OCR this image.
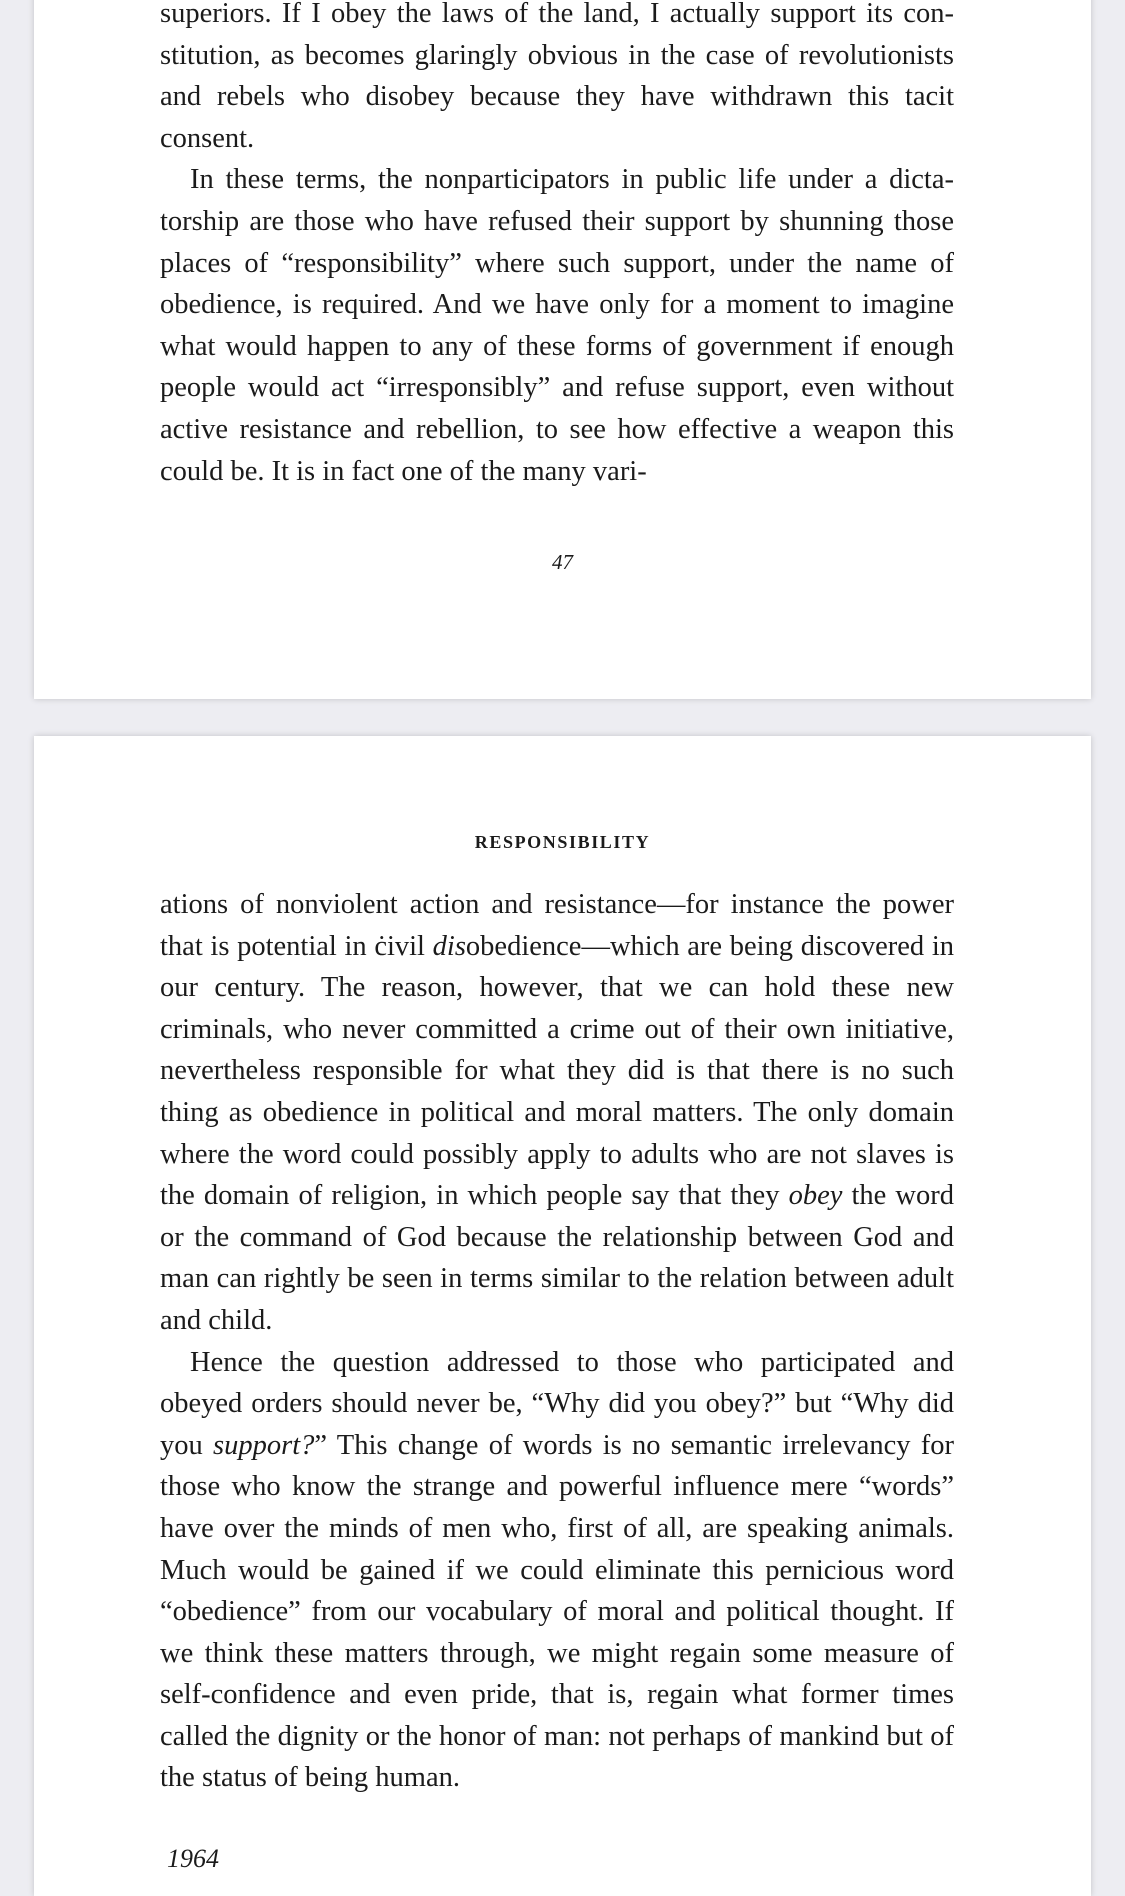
superiors. If I obey the laws of the land, I actually support its constitution, as becomes glaringly obvious in the case of revolutionists and rebels who disobey because they have withdrawn this tacit consent.

In these terms, the nonparticipators in public life under a dictatorship are those who have refused their support by shunning those places of “responsibility” where such support, under the name of obedience, is required. And we have only for a moment to imagine what would happen to any of these forms of government if enough people would act “irresponsibly” and refuse support, even without active resistance and rebellion, to see how effective a weapon this could be. It is in fact one of the many vari-

47
RESPONSIBILITY

ations of nonviolent action and resistance—for instance the power that is potential in ċivil disobedience—which are being discovered in our century. The reason, however, that we can hold these new criminals, who never committed a crime out of their own initiative, nevertheless responsible for what they did is that there is no such thing as obedience in political and moral matters. The only domain where the word could possibly apply to adults who are not slaves is the domain of religion, in which people say that they obey the word or the command of God because the relationship between God and man can rightly be seen in terms similar to the relation between adult and child.

Hence the question addressed to those who participated and obeyed orders should never be, “Why did you obey?” but “Why did you support?” This change of words is no semantic irrelevancy for those who know the strange and powerful influence mere “words” have over the minds of men who, first of all, are speaking animals. Much would be gained if we could eliminate this pernicious word “obedience” from our vocabulary of moral and political thought. If we think these matters through, we might regain some measure of self-confidence and even pride, that is, regain what former times called the dignity or the honor of man: not perhaps of mankind but of the status of being human.

1964
